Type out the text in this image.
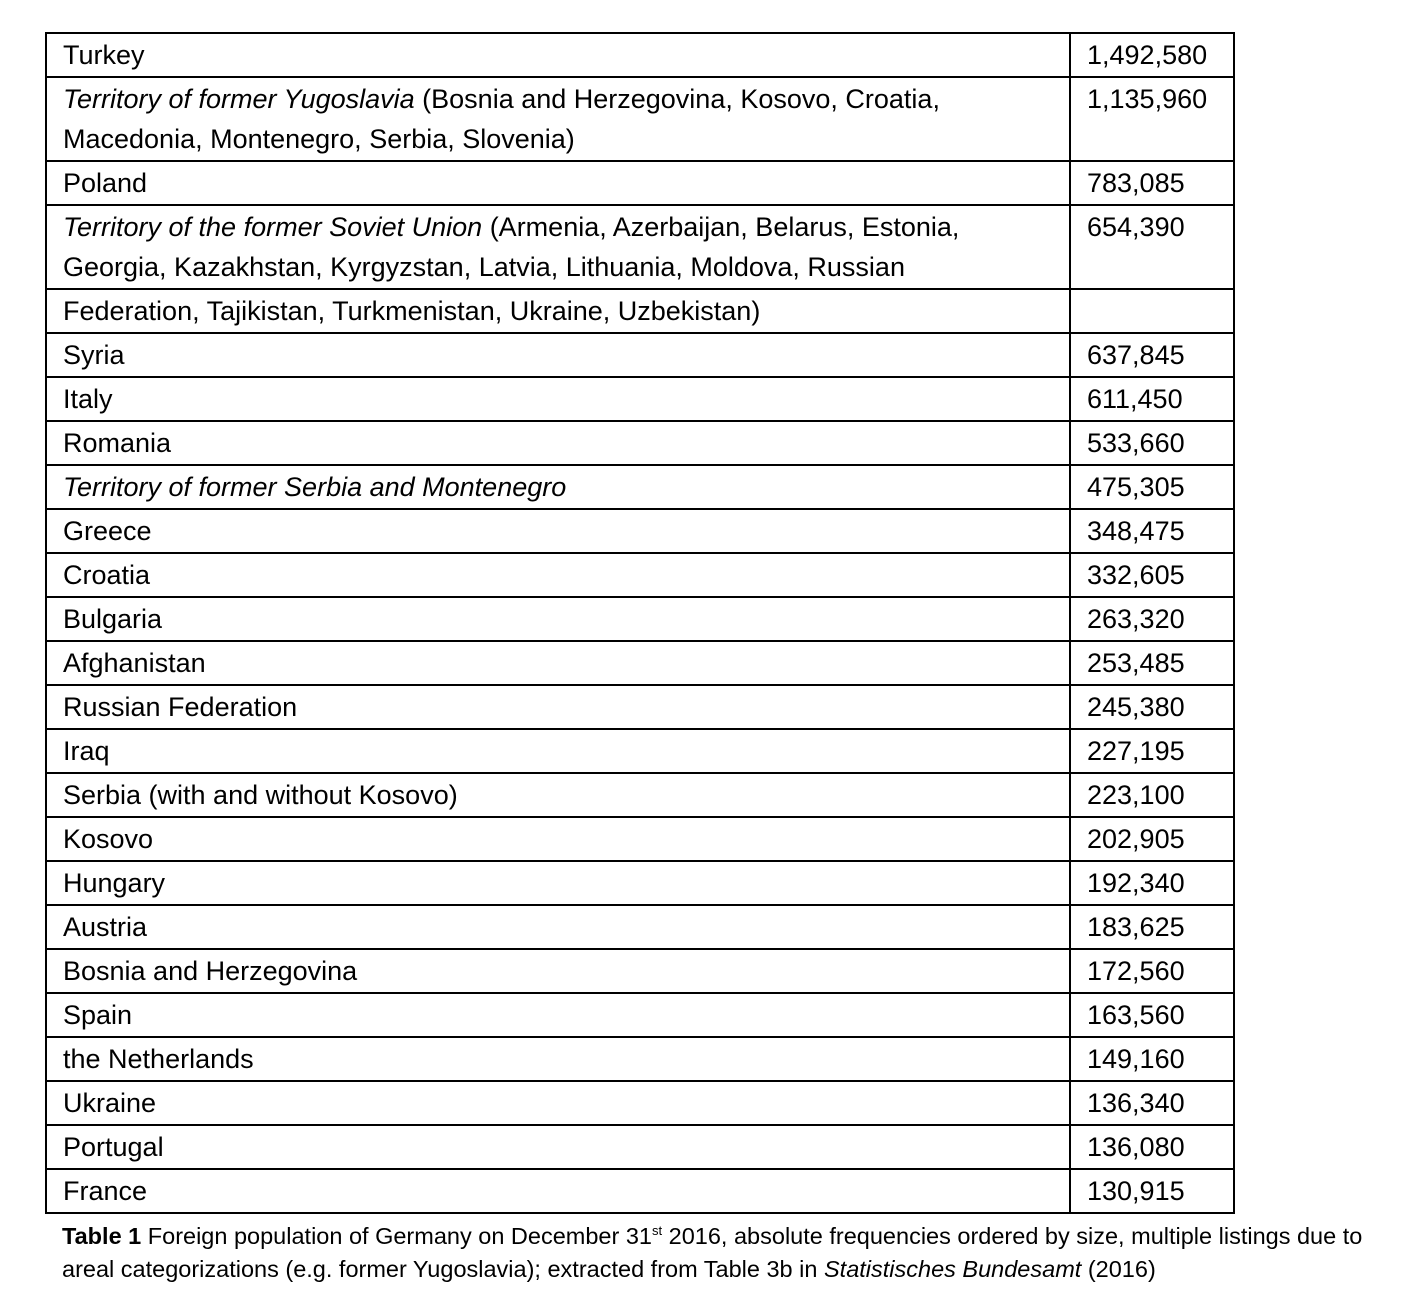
Turkey	1,492,580
Territory of former Yugoslavia (Bosnia and Herzegovina, Kosovo, Croatia, Macedonia, Montenegro, Serbia, Slovenia)	1,135,960
Poland	783,085
Territory of the former Soviet Union (Armenia, Azerbaijan, Belarus, Estonia, Georgia, Kazakhstan, Kyrgyzstan, Latvia, Lithuania, Moldova, Russian	654,390
Federation, Tajikistan, Turkmenistan, Ukraine, Uzbekistan)	
Syria	637,845
Italy	611,450
Romania	533,660
Territory of former Serbia and Montenegro	475,305
Greece	348,475
Croatia	332,605
Bulgaria	263,320
Afghanistan	253,485
Russian Federation	245,380
Iraq	227,195
Serbia (with and without Kosovo)	223,100
Kosovo	202,905
Hungary	192,340
Austria	183,625
Bosnia and Herzegovina	172,560
Spain	163,560
the Netherlands	149,160
Ukraine	136,340
Portugal	136,080
France	130,915
Table 1 Foreign population of Germany on December 31st 2016, absolute frequencies ordered by size, multiple listings due to areal categorizations (e.g. former Yugoslavia); extracted from Table 3b in Statistisches Bundesamt (2016)
